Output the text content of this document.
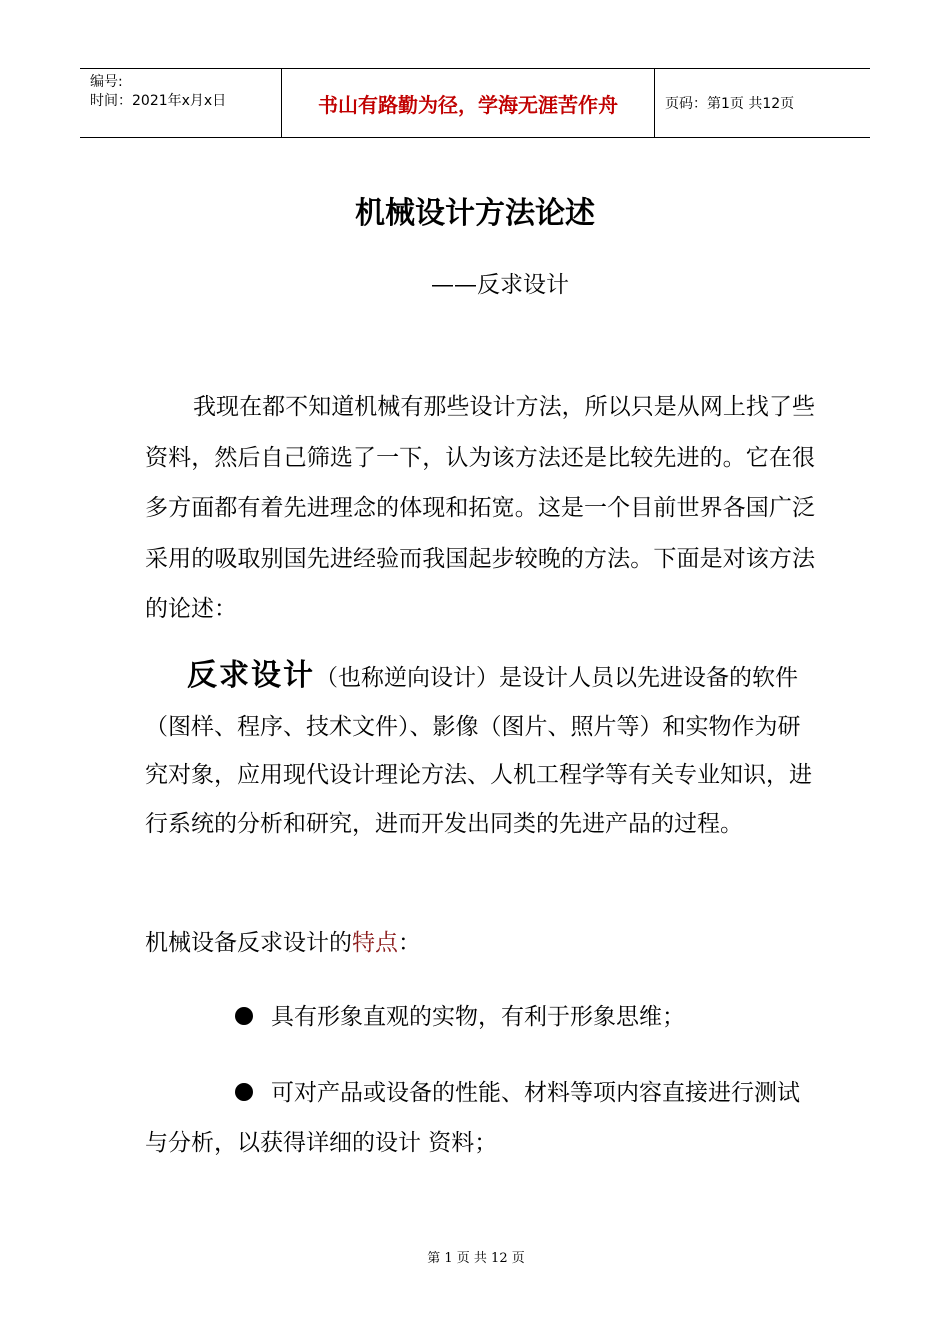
编号:
时间：2021年x月x日	书山有路勤为径，学海无涯苦作舟	页码：第1页 共12页
机械设计方法论述
——反求设计
我现在都不知道机械有那些设计方法，所以只是从网上找了些资料，然后自己筛选了一下，认为该方法还是比较先进的。它在很多方面都有着先进理念的体现和拓宽。这是一个目前世界各国广泛采用的吸取别国先进经验而我国起步较晚的方法。下面是对该方法的论述：
反求设计（也称逆向设计）是设计人员以先进设备的软件（图样、程序、技术文件）、影像（图片、照片等）和实物作为研究对象，应用现代设计理论方法、人机工程学等有关专业知识，进行系统的分析和研究，进而开发出同类的先进产品的过程。
机械设备反求设计的特点：
具有形象直观的实物，有利于形象思维；
可对产品或设备的性能、材料等项内容直接进行测试与分析，以获得详细的设计 资料；
第 1 页 共 12 页
